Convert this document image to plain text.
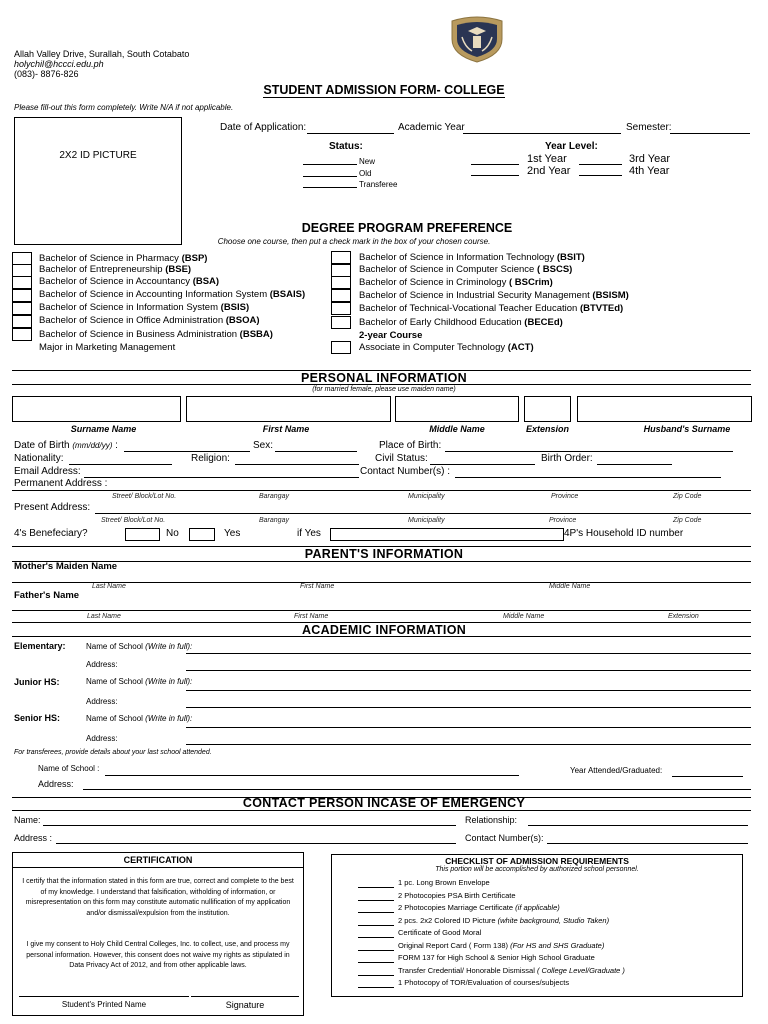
Allah Valley Drive, Surallah, South Cotabato
holychil@hccci.edu.ph
(083)- 8876-826
STUDENT ADMISSION FORM- COLLEGE
Please fill-out this form completely. Write N/A if not applicable.
2X2 ID PICTURE
Date of Application:	Academic Year	Semester:
Status:
New
Old
Transferee
Year Level:
1st Year
2nd Year
3rd Year
4th Year
DEGREE PROGRAM PREFERENCE
Choose one course, then put a check mark in the box of your chosen course.
Bachelor of Science in Pharmacy (BSP)
Bachelor of Entrepreneurship (BSE)
Bachelor of Science in Accountancy (BSA)
Bachelor of Science in Accounting Information System (BSAIS)
Bachelor of Science in Information System (BSIS)
Bachelor of Science in Office Administration (BSOA)
Bachelor of Science in Business Administration (BSBA)
Major in Marketing Management
Bachelor of Science in Information Technology (BSIT)
Bachelor of Science in Computer Science ( BSCS)
Bachelor of Science in Criminology ( BSCrim)
Bachelor of Science in Industrial Security Management (BSISM)
Bachelor of Technical-Vocational Teacher Education (BTVTEd)
Bachelor of Early Childhood Education (BECEd)
2-year Course
Associate in Computer Technology (ACT)
PERSONAL INFORMATION
(for married female, please use maiden name)
Surname Name	First Name	Middle Name	Extension	Husband's Surname
Date of Birth (mm/dd/yy) :	Sex:	Place of Birth:
Nationality:	Religion:	Civil Status:	Birth Order:
Email Address:	Contact Number(s) :
Permanent Address :
Street/ Block/Lot No.	Barangay	Municipality	Province	Zip Code
Present Address:
Street/ Block/Lot No.	Barangay	Municipality	Province	Zip Code
4's Benefeciary?	No	Yes	if Yes	4P's Household ID number
PARENT'S INFORMATION
Mother's Maiden Name
Last Name	First Name	Middle Name
Father's Name
Last Name	First Name	Middle Name	Extension
ACADEMIC INFORMATION
Elementary:	Name of School (Write in full):
Address:
Junior HS:	Name of School (Write in full):
Address:
Senior HS:	Name of School (Write in full):
Address:
For transferees, provide details about your last school attended.
Name of School :	Year Attended/Graduated:
Address:
CONTACT PERSON INCASE OF EMERGENCY
Name:	Relationship:
Address :	Contact Number(s):
CERTIFICATION
I certify that the information stated in this form are true, correct and complete to the best of my knowledge. I understand that falsification, witholding of information, or misrepresentation on this form may constitute automatic nullification of my application and/or dismissal/expulsion from the institution.
I give my consent to Holy Child Central Colleges, Inc. to collect, use, and process my personal information. However, this consent does not waive my rights as stipulated in Data Privacy Act of 2012, and from other applicable laws.
Student's Printed Name	Signature
CHECKLIST OF ADMISSION REQUIREMENTS
This portion will be accomplished by authorized school personnel.
1 pc. Long Brown Envelope
2 Photocopies PSA Birth Certificate
2 Photocopies Marriage Certificate (if applicable)
2 pcs. 2x2 Colored ID Picture (white background, Studio Taken)
Certificate of Good Moral
Original Report Card ( Form 138) (For HS and SHS Graduate)
FORM 137 for High School & Senior High School Graduate
Transfer Credential/ Honorable Dismissal ( College Level/Graduate )
1 Photocopy of TOR/Evaluation of courses/subjects
